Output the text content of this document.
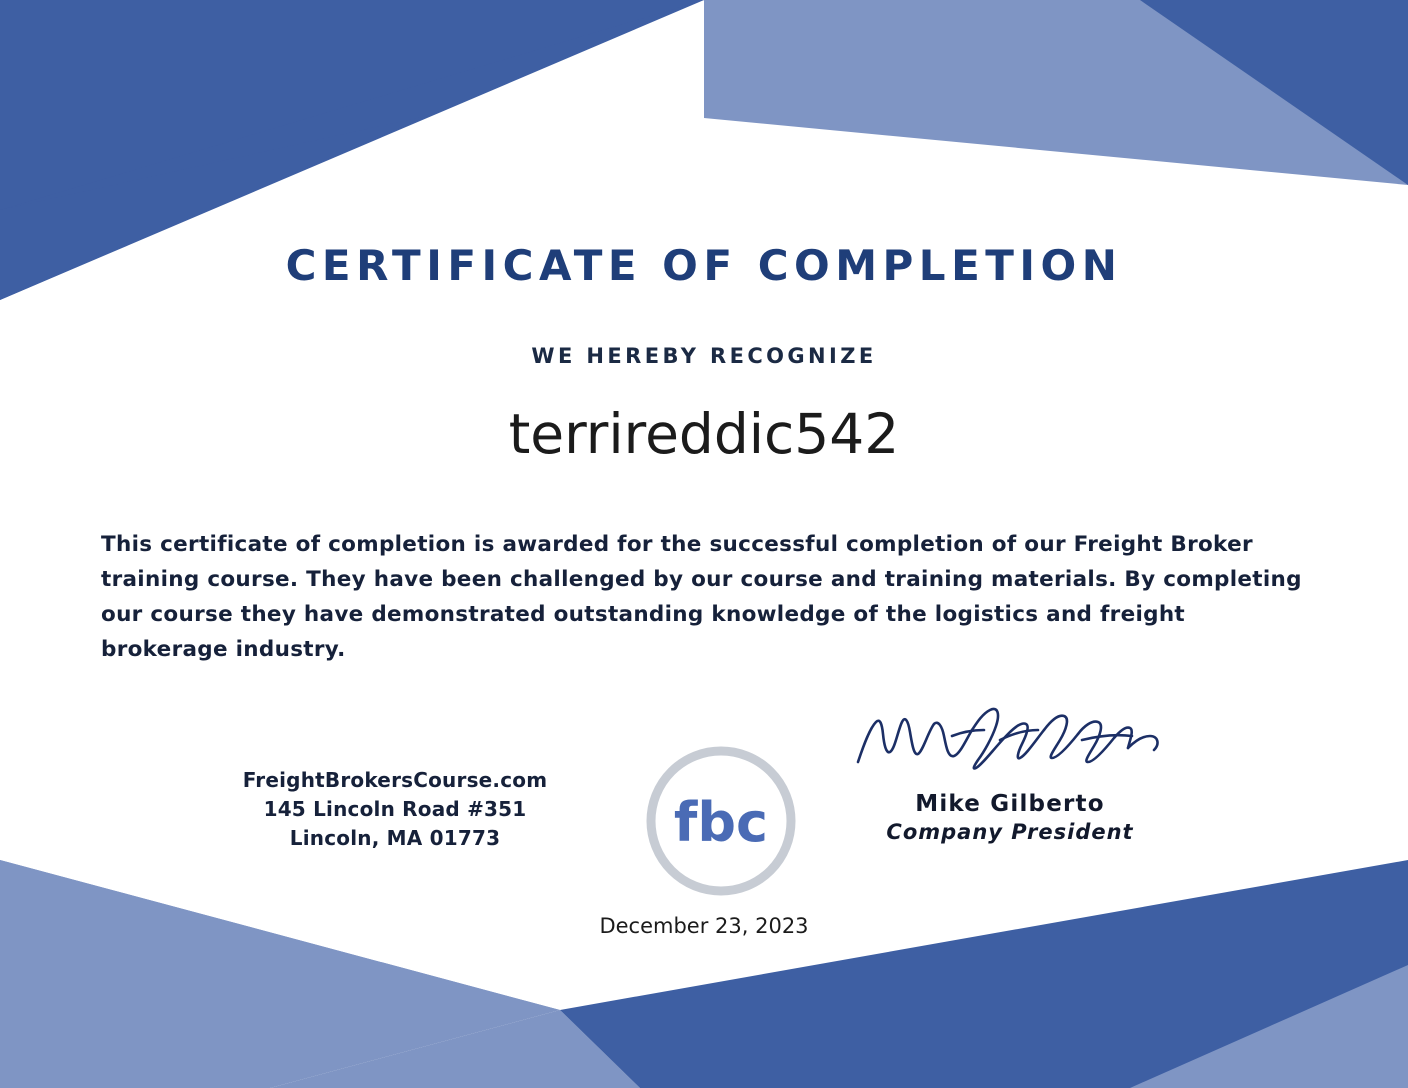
CERTIFICATE OF COMPLETION
WE HEREBY RECOGNIZE
terrireddic542
This certificate of completion is awarded for the successful completion of our Freight Broker training course. They have been challenged by our course and training materials. By completing our course they have demonstrated outstanding knowledge of the logistics and freight brokerage industry.
FreightBrokersCourse.com
145 Lincoln Road #351
Lincoln, MA 01773	fbc	Mike Gilberto
Company President
December 23, 2023
